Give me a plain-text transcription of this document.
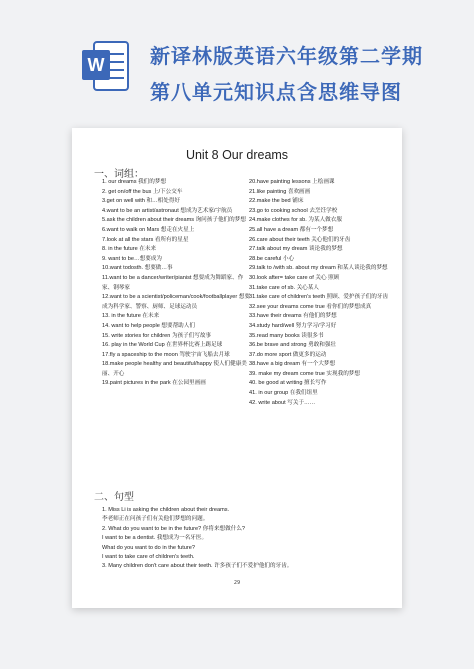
W 新译林版英语六年级第二学期
第八单元知识点含思维导图
Unit 8 Our dreams
一、词组：
1. our dreams 我们的梦想
2. get on/off the bus 上/下公交车
3.get on well with 和…相处得好
4.want to be an artist/astronaut 想成为艺术家/宇航员
5.ask the children about their dreams 询问孩子他们的梦想
6.want to walk on Mars 想走在火星上
7.look at all the stars 看所有的星星
8. in the future 在未来
9. want to be…想要成为
10.want todosth. 想要做…事
11.want to be a dancer/writer/pianist 想要成为舞蹈家、作家、钢琴家
12.want to be a scientist/policeman/cook/footballplayer 想要成为科学家、警察、厨师、足球运动员
13. in the future 在未来
14. want to help people 想要帮助人们
15. write stories for children 为孩子们写故事
16. play in the World Cup 在世界杯比赛上踢足球
17.fly a spaceship to the moon 驾驶宇宙飞船去月球
18.make people healthy and beautiful/happy 使人们健康美丽、开心
19.paint pictures in the park 在公园里画画
20.have painting lessons 上绘画课
21.like painting 喜欢画画
22.make the bed 铺床
23.go to cooking school 去烹饪学校
24.make clothes for sb. 为某人做衣服
25.all have a dream 都有一个梦想
26.care about their teeth 关心他们的牙齿
27.talk about my dream 谈论我的梦想
28.be careful 小心
29.talk to /with sb. about my dream 和某人谈论我的梦想
30.look after= take care of 关心 照顾
31.take care of sb. 关心某人
31.take care of children's teeth 照顾、爱护孩子们的牙齿
32.see your dreams come true 看你们的梦想成真
33.have their dreams 有他们的梦想
34.study hard/well 努力学习/学习好
35.read many books 读很多书
36.be brave and strong 勇敢和强壮
37.do more sport 做更多的运动
38.have a big dream 有一个大梦想
39. make my dream come true 实现我的梦想
40. be good at writing 擅长写作
41. in our group 在我们组里
42. write about 写关于……
二、句型
1. Miss Li is asking the children about their dreams.
李老师正在问孩子们有关他们梦想的问题。
2. What do you want to be in the future? 你将来想做什么?
I want to be a dentist. 我想成为一名牙医。
What do you want to do in the future?
I want to take care of children's teeth.
3. Many children don't care about their teeth. 许多孩子们不爱护他们的牙齿。
29
